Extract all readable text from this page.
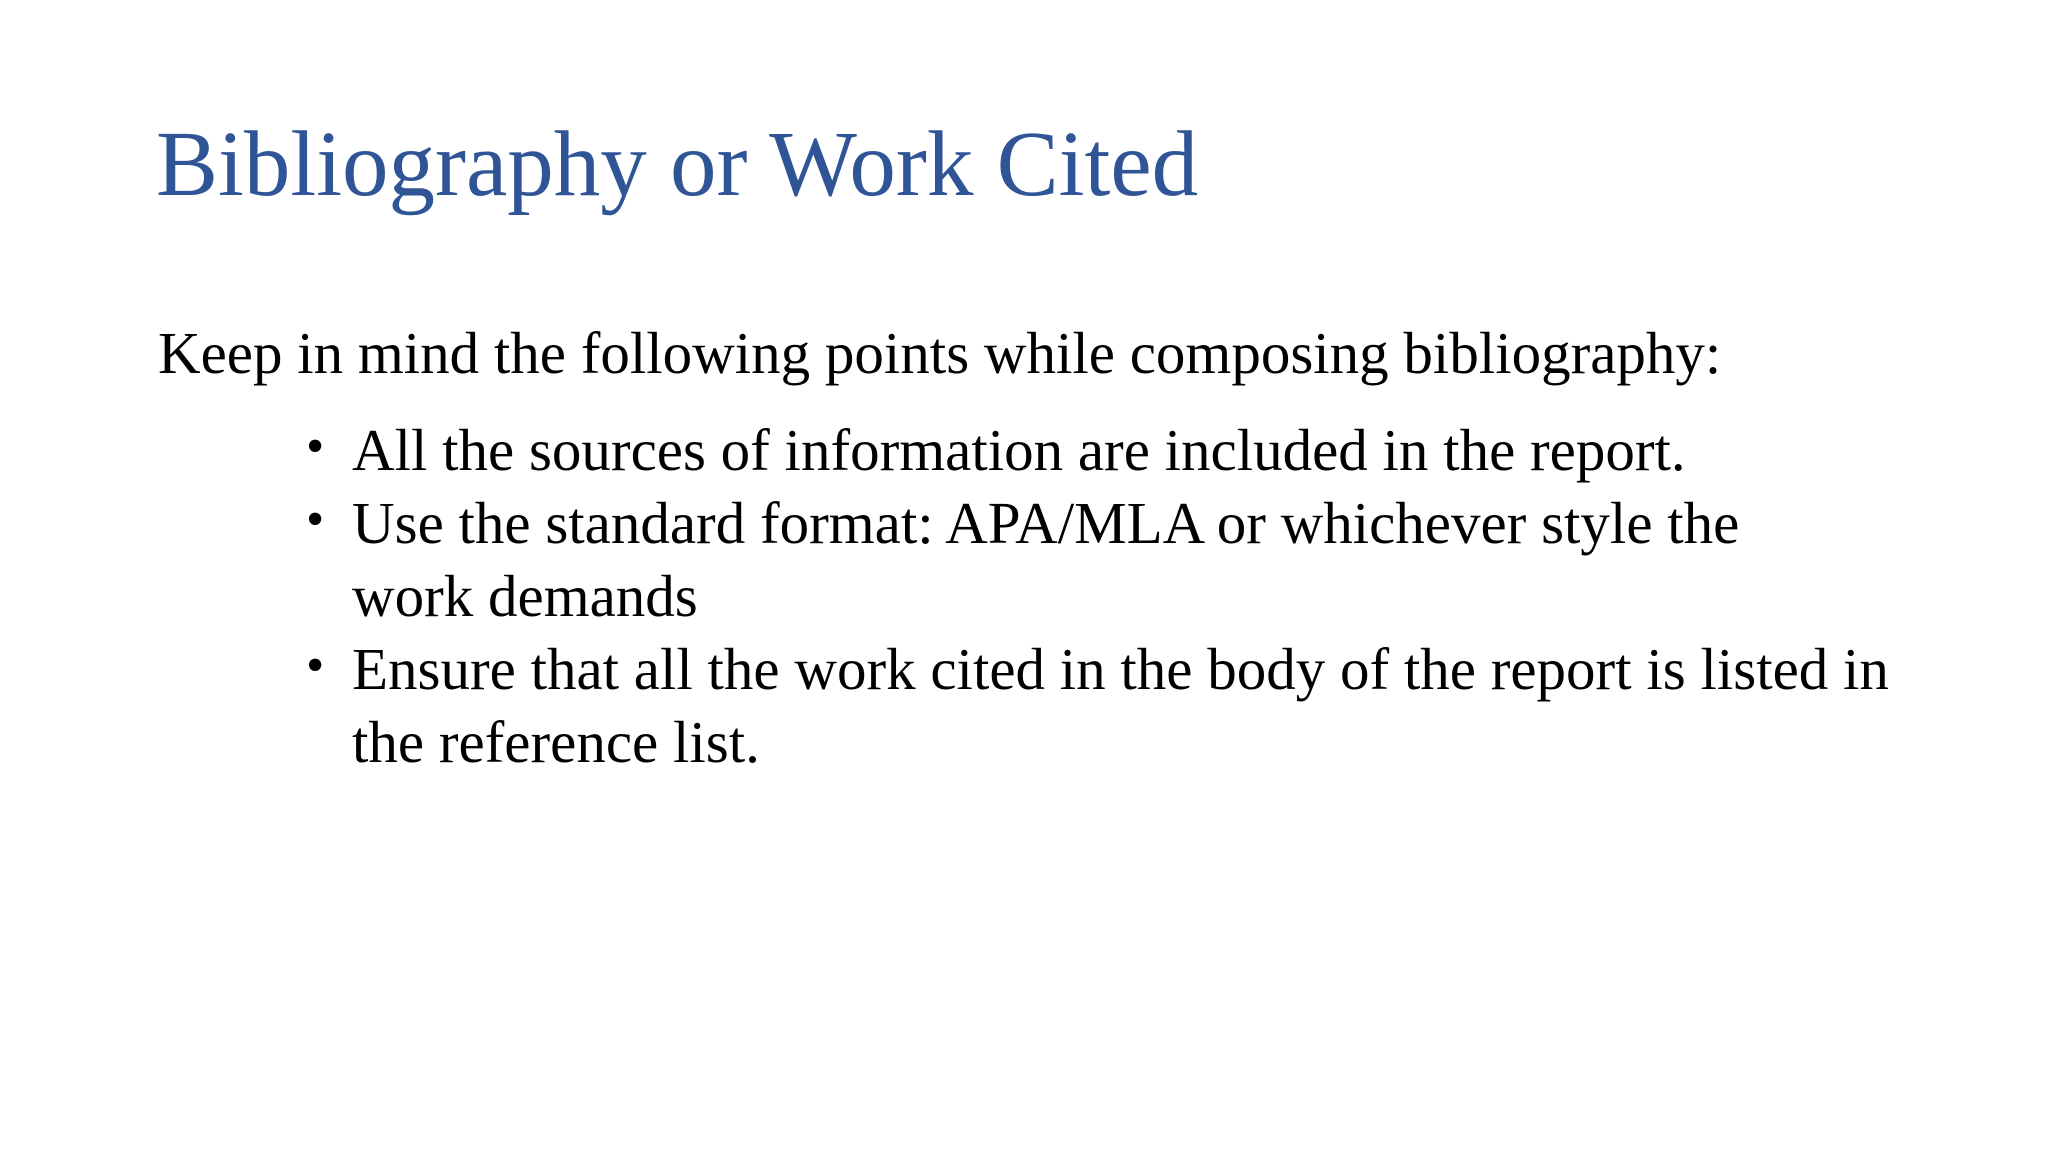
Bibliography or Work Cited

Keep in mind the following points while composing bibliography:

• All the sources of information are included in the report.
• Use the standard format: APA/MLA or whichever style the work demands
• Ensure that all the work cited in the body of the report is listed in the reference list.
